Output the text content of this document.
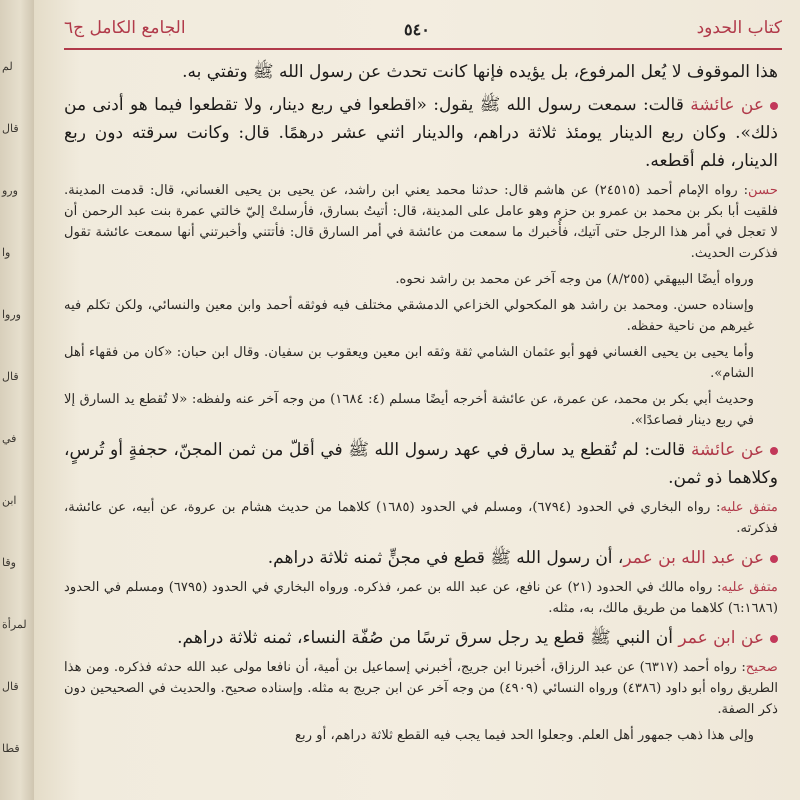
لم
قال
ورو
وا
وروا
قال
في
ابن
وقا
لمرأة
قال
قطا
كتاب الحدود
٥٤٠
الجامع الكامل ج٦

هذا الموقوف لا يُعل المرفوع، بل يؤيده فإنها كانت تحدث عن رسول الله ﷺ وتفتي به.

عن عائشة قالت: سمعت رسول الله ﷺ يقول: «اقطعوا في ربع دينار، ولا تقطعوا فيما هو أدنى من ذلك». وكان ربع الدينار يومئذ ثلاثة دراهم، والدينار اثني عشر درهمًا. قال: وكانت سرقته دون ربع الدينار، فلم أقطعه.

حسن: رواه الإمام أحمد (٢٤٥١٥) عن هاشم قال: حدثنا محمد يعني ابن راشد، عن يحيى بن يحيى الغساني، قال: قدمت المدينة. فلقيت أبا بكر بن محمد بن عمرو بن حزم وهو عامل على المدينة، قال: أتيتُ بسارق، فأرسلتْ إليّ خالتي عمرة بنت عبد الرحمن أن لا تعجل في أمر هذا الرجل حتى آتيك، فأُخبرك ما سمعت من عائشة في أمر السارق قال: فأتتني وأخبرتني أنها سمعت عائشة تقول فذكرت الحديث.

ورواه أيضًا البيهقي (٨/٢٥٥) من وجه آخر عن محمد بن راشد نحوه.

وإسناده حسن. ومحمد بن راشد هو المكحولي الخزاعي الدمشقي مختلف فيه فوثقه أحمد وابن معين والنسائي، ولكن تكلم فيه غيرهم من ناحية حفظه.

وأما يحيى بن يحيى الغساني فهو أبو عثمان الشامي ثقة وثقه ابن معين ويعقوب بن سفيان. وقال ابن حبان: «كان من فقهاء أهل الشام».

وحديث أبي بكر بن محمد، عن عمرة، عن عائشة أخرجه أيضًا مسلم (٤: ١٦٨٤) من وجه آخر عنه ولفظه: «لا تُقطع يد السارق إلا في ربع دينار فصاعدًا».

عن عائشة قالت: لم تُقطع يد سارق في عهد رسول الله ﷺ في أقلّ من ثمن المجنّ، حجفةٍ أو تُرسٍ، وكلاهما ذو ثمن.

متفق عليه: رواه البخاري في الحدود (٦٧٩٤)، ومسلم في الحدود (١٦٨٥) كلاهما من حديث هشام بن عروة، عن أبيه، عن عائشة، فذكرته.

عن عبد الله بن عمر، أن رسول الله ﷺ قطع في مجنٍّ ثمنه ثلاثة دراهم.

متفق عليه: رواه مالك في الحدود (٢١) عن نافع، عن عبد الله بن عمر، فذكره. ورواه البخاري في الحدود (٦٧٩٥) ومسلم في الحدود (٦:١٦٨٦) كلاهما من طريق مالك، به، مثله.

عن ابن عمر أن النبي ﷺ قطع يد رجل سرق ترسًا من صُفّة النساء، ثمنه ثلاثة دراهم.

صحيح: رواه أحمد (٦٣١٧) عن عبد الرزاق، أخبرنا ابن جريج، أخبرني إسماعيل بن أمية، أن نافعا مولى عبد الله حدثه فذكره. ومن هذا الطريق رواه أبو داود (٤٣٨٦) ورواه النسائي (٤٩٠٩) من وجه آخر عن ابن جريج به مثله. وإسناده صحيح. والحديث في الصحيحين دون ذكر الصفة.

وإلى هذا ذهب جمهور أهل العلم. وجعلوا الحد فيما يجب فيه القطع ثلاثة دراهم، أو ربع
